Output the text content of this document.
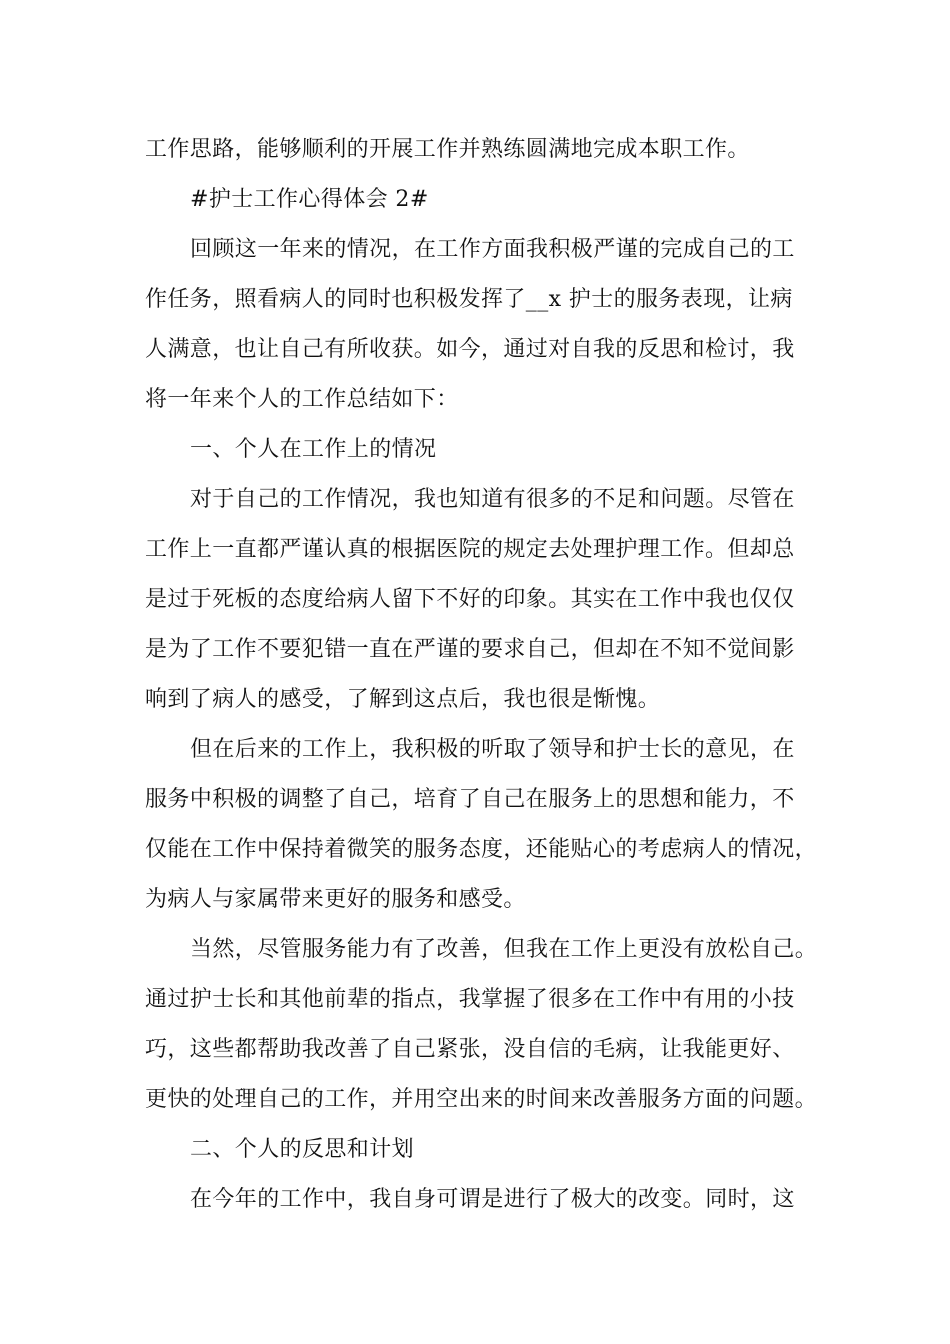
工作思路，能够顺利的开展工作并熟练圆满地完成本职工作。
#护士工作心得体会 2#
回顾这一年来的情况，在工作方面我积极严谨的完成自己的工
作任务，照看病人的同时也积极发挥了__x 护士的服务表现，让病
人满意，也让自己有所收获。如今，通过对自我的反思和检讨，我
将一年来个人的工作总结如下：
一、个人在工作上的情况
对于自己的工作情况，我也知道有很多的不足和问题。尽管在
工作上一直都严谨认真的根据医院的规定去处理护理工作。但却总
是过于死板的态度给病人留下不好的印象。其实在工作中我也仅仅
是为了工作不要犯错一直在严谨的要求自己，但却在不知不觉间影
响到了病人的感受，了解到这点后，我也很是惭愧。
但在后来的工作上，我积极的听取了领导和护士长的意见，在
服务中积极的调整了自己，培育了自己在服务上的思想和能力，不
仅能在工作中保持着微笑的服务态度，还能贴心的考虑病人的情况，
为病人与家属带来更好的服务和感受。
当然，尽管服务能力有了改善，但我在工作上更没有放松自己。
通过护士长和其他前辈的指点，我掌握了很多在工作中有用的小技
巧，这些都帮助我改善了自己紧张，没自信的毛病，让我能更好、
更快的处理自己的工作，并用空出来的时间来改善服务方面的问题。
二、个人的反思和计划
在今年的工作中，我自身可谓是进行了极大的改变。同时，这
